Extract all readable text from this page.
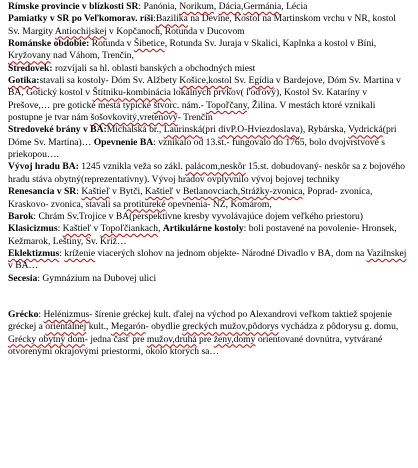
Rímske provincie v blízkosti SR: Panónia, Norikum, Dácia,Germánia, Lécia

Pamiatky v SR po Veľkomorav. ríši:Bazilika na Devíne, Kostol na Martinskom vrchu v NR, kostol Sv. Margity Antiochijskej v Kopčanoch, Rotunda v Ducovom

Románske obdobie: Rotunda v Šibetice, Rotunda Sv. Juraja v Skalici, Kaplnka a kostol v Bíni, Kryžovany nad Váhom, Trenčín,

Stredovek: rozvíjali sa hl. oblasti banských a obchodných miest

Gotika:stavali sa kostoly- Dóm Sv. Alžbety Košice,kostol Sv. Egídia v Bardejove, Dóm Sv. Martina v BA, Gotický kostol v Štítniku-kombinácia lokálnych prvkov( l'oďový), Kostol Sv. Kataríny v Prešove,… pre gotické mestá typické štvorc. nám.- Topoľčany, Žilina. V mestách ktoré vznikali postupne je tvar nám šošovkovitý,vretenový- Trenčín

Stredoveké brány v BA:Michalská br., Laurinská(pri divP.O-Hviezdoslava), Rybárska, Vydrická(pri Dóme Sv. Martina)… Opevnenie BA: vznikalo od 13.st.- fungovalo do 1765, bolo dvojvrstvové s priekopou….

Vývoj hradu BA: 1245 vznikla veža so zákl. palácom,neskôr 15.st. dobudovaný- neskôr sa z bojového hradu stáva obytný(reprezentatívny). Vývoj hradov ovplyvnilo vývoj bojovej techniky

Renesancia v SR: Kaštieľ v Bytči, Kaštieľ v Betlanovciach,Strážky-zvonica, Poprad- zvonica, Kraskovo- zvonica, stavali sa protitureké opevnenia- NZ, Komárom,

Barok: Chrám Sv.Trojice v BA(perspektívne kresby vyvolávajúce dojem veľkého priestoru)

Klasicizmus: Kaštieľ v Topoľčiankach, Artikulárne kostoly: boli postavené na povolenie- Hronsek, Kežmarok, Leštiny, Sv. Kríž…

Eklektizmus: kríženie viacerých slohov na jednom objekte- Národné Divadlo v BA, dom na Vazilnskej v BA…

Secesia: Gymnázium na Dubovej ulici

Grécko: Helénizmus- šírenie gréckej kult. ďalej na východ po Alexandrovi veľkom taktiež spojenie gréckej a orientálnej kult., Megarón- obydlie greckých mužov,pôdorys vychádza z pôdorysu g. domu, Grécky obytný dom- jedna časť pre mužov,druhá pre ženy,domy orientované dovnútra, vytvárané otvorenými okrajovými priestormi, okolo ktorých sa…
